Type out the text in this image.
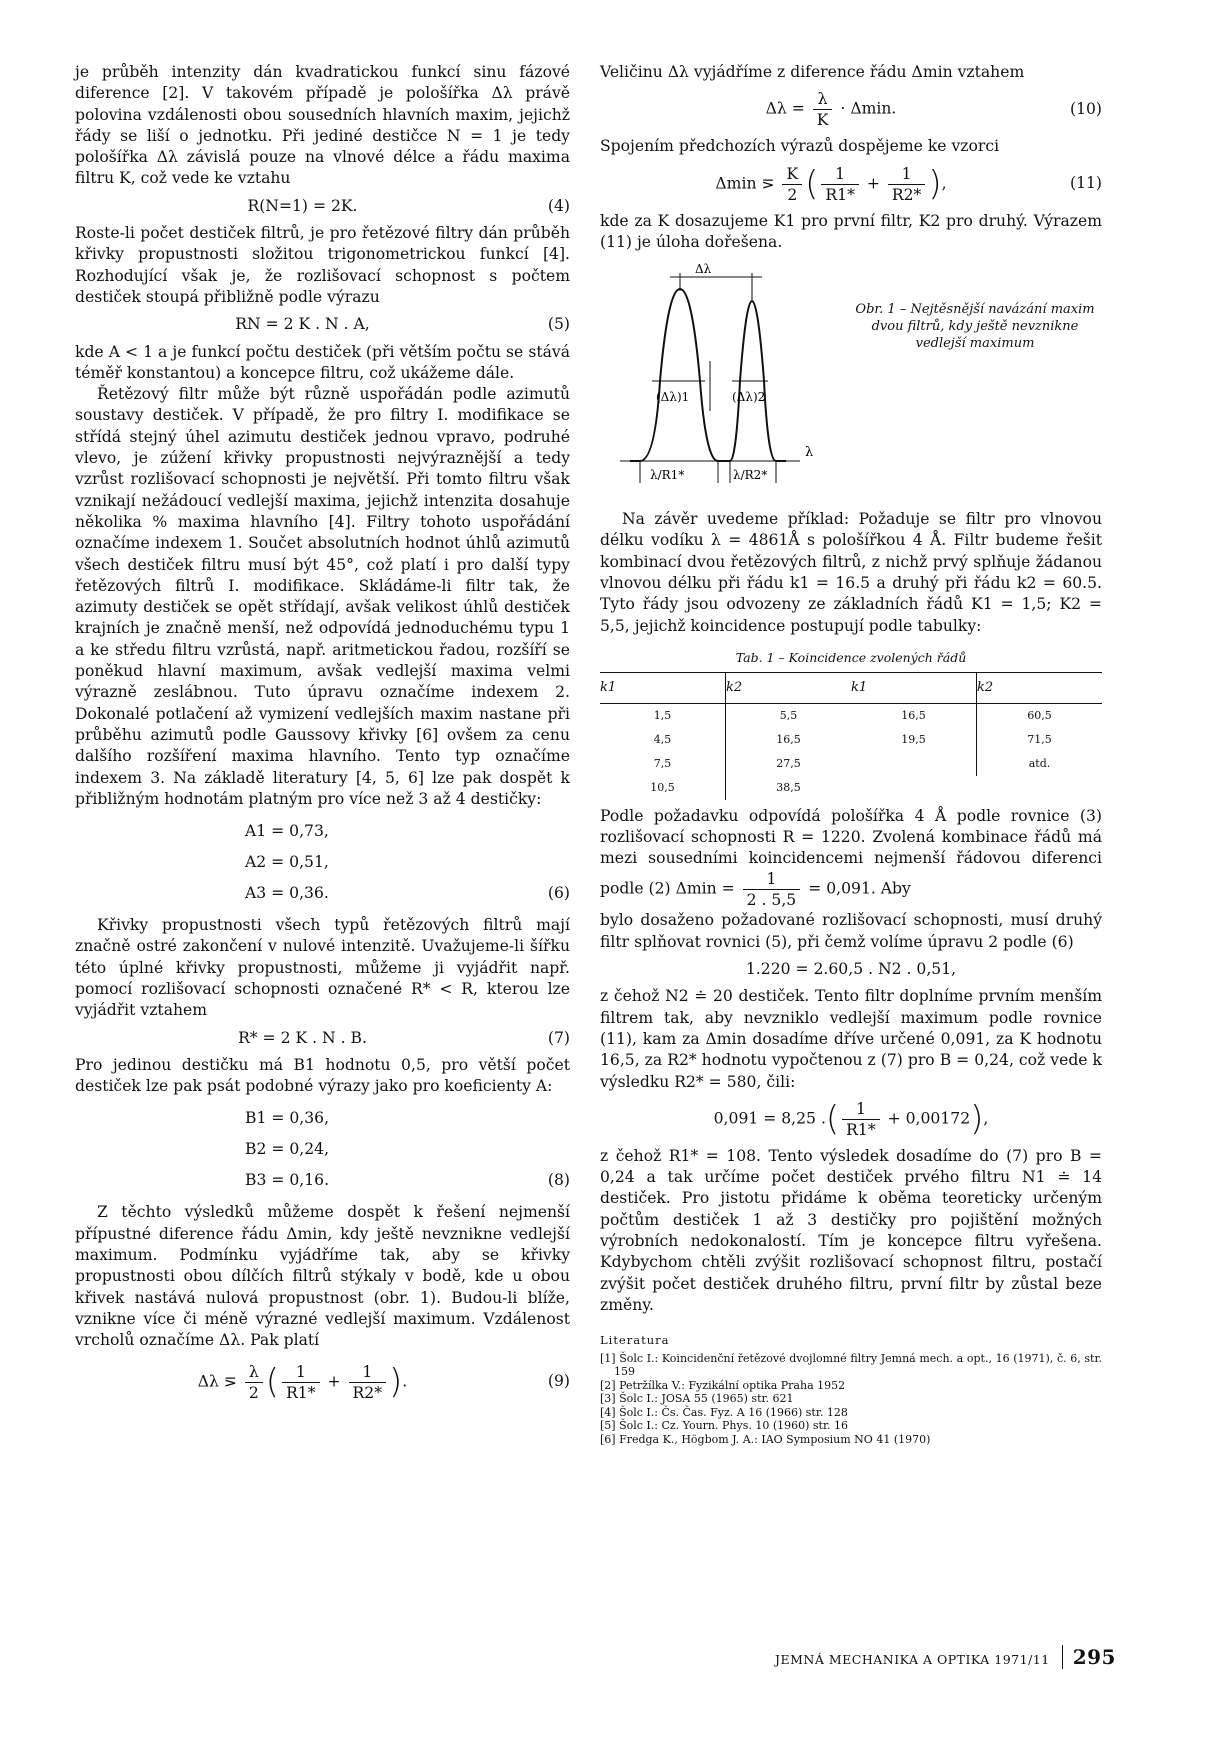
je průběh intenzity dán kvadratickou funkcí sinu fázové diference [2]. V takovém případě je pološířka Δλ právě polovina vzdálenosti obou sousedních hlavních maxim, jejichž řády se liší o jednotku. Při jediné destičce N = 1 je tedy pološířka Δλ závislá pouze na vlnové délce a řádu maxima filtru K, což vede ke vztahu

R(N=1) = 2K.	(4)

Roste-li počet destiček filtrů, je pro řetězové filtry dán průběh křivky propustnosti složitou trigonometrickou funkcí [4]. Rozhodující však je, že rozlišovací schopnost s počtem destiček stoupá přibližně podle výrazu

RN = 2 K . N . A,	(5)

kde A < 1 a je funkcí počtu destiček (při větším počtu se stává téměř konstantou) a koncepce filtru, což ukážeme dále.

Řetězový filtr může být různě uspořádán podle azimutů soustavy destiček. V případě, že pro filtry I. modifikace se střídá stejný úhel azimutu destiček jednou vpravo, podruhé vlevo, je zúžení křivky propustnosti nejvýraznější a tedy vzrůst rozlišovací schopnosti je největší. Při tomto filtru však vznikají nežádoucí vedlejší maxima, jejichž intenzita dosahuje několika % maxima hlavního [4]. Filtry tohoto uspořádání označíme indexem 1. Součet absolutních hodnot úhlů azimutů všech destiček filtru musí být 45°, což platí i pro další typy řetězových filtrů I. modifikace. Skládáme-li filtr tak, že azimuty destiček se opět střídají, avšak velikost úhlů destiček krajních je značně menší, než odpovídá jednoduchému typu 1 a ke středu filtru vzrůstá, např. aritmetickou řadou, rozšíří se poněkud hlavní maximum, avšak vedlejší maxima velmi výrazně zeslábnou. Tuto úpravu označíme indexem 2. Dokonalé potlačení až vymizení vedlejších maxim nastane při průběhu azimutů podle Gaussovy křivky [6] ovšem za cenu dalšího rozšíření maxima hlavního. Tento typ označíme indexem 3. Na základě literatury [4, 5, 6] lze pak dospět k přibližným hodnotám platným pro více než 3 až 4 destičky:

A1 = 0,73,
A2 = 0,51,
A3 = 0,36.	(6)

Křivky propustnosti všech typů řetězových filtrů mají značně ostré zakončení v nulové intenzitě. Uvažujeme-li šířku této úplné křivky propustnosti, můžeme ji vyjádřit např. pomocí rozlišovací schopnosti označené R* < R, kterou lze vyjádřit vztahem

R* = 2 K . N . B.	(7)

Pro jedinou destičku má B1 hodnotu 0,5, pro větší počet destiček lze pak psát podobné výrazy jako pro koeficienty A:

B1 = 0,36,
B2 = 0,24,
B3 = 0,16.	(8)

Z těchto výsledků můžeme dospět k řešení nejmenší přípustné diference řádu Δmin, kdy ještě nevznikne vedlejší maximum. Podmínku vyjádříme tak, aby se křivky propustnosti obou dílčích filtrů stýkaly v bodě, kde u obou křivek nastává nulová propustnost (obr. 1). Budou-li blíže, vznikne více či méně výrazné vedlejší maximum. Vzdálenost vrcholů označíme Δλ. Pak platí

Δλ ⋝ $\frac{\lambda}{2}$ ( $\frac{1}{R1*} + \frac{1}{R2*}$ ).	(9)

Veličinu Δλ vyjádříme z diference řádu Δmin vztahem

$\Delta\lambda = \frac{\lambda}{K} \cdot \Delta\min$.	(10)

Spojením předchozích výrazů dospějeme ke vzorci

Δmin ⋝ $\frac{K}{2}$ ( $\frac{1}{R1*} + \frac{1}{R2*}$ ),	(11)

kde za K dosazujeme K1 pro první filtr, K2 pro druhý. Výrazem (11) je úloha dořešena.

Δλ
(Δλ)1	(Δλ)2
λ
λ/R1*	λ/R2*
Obr. 1 – Nejtěsnější navázání maxim dvou filtrů, kdy ještě nevznikne vedlejší maximum

Na závěr uvedeme příklad: Požaduje se filtr pro vlnovou délku vodíku λ = 4861Å s pološířkou 4 Å. Filtr budeme řešit kombinací dvou řetězových filtrů, z nichž prvý splňuje žádanou vlnovou délku při řádu k1 = 16.5 a druhý při řádu k2 = 60.5. Tyto řády jsou odvozeny ze základních řádů K1 = 1,5; K2 = 5,5, jejichž koincidence postupují podle tabulky:

Tab. 1 – Koincidence zvolených řádů
k1	k2	k1	k2
1,5	5,5	16,5	60,5
4,5	16,5	19,5	71,5
7,5	27,5		atd.
10,5	38,5		

Podle požadavku odpovídá pološířka 4 Å podle rovnice (3) rozlišovací schopnosti R = 1220. Zvolená kombinace řádů má mezi sousedními koincidencemi nejmenší řádovou diferenci podle (2) $\Delta\min = \frac{1}{2 . 5,5} = 0,091$. Aby

bylo dosaženo požadované rozlišovací schopnosti, musí druhý filtr splňovat rovnici (5), při čemž volíme úpravu 2 podle (6)

1.220 = 2.60,5 . N2 . 0,51,

z čehož N2 ≐ 20 destiček. Tento filtr doplníme prvním menším filtrem tak, aby nevzniklo vedlejší maximum podle rovnice (11), kam za Δmin dosadíme dříve určené 0,091, za K hodnotu 16,5, za R2* hodnotu vypočtenou z (7) pro B = 0,24, což vede k výsledku R2* = 580, čili:

0,091 = 8,25 .( $\frac{1}{R1*} + 0,00172$),

z čehož R1* = 108. Tento výsledek dosadíme do (7) pro B = 0,24 a tak určíme počet destiček prvého filtru N1 ≐ 14 destiček. Pro jistotu přidáme k oběma teoreticky určeným počtům destiček 1 až 3 destičky pro pojištění možných výrobních nedokonalostí. Tím je koncepce filtru vyřešena. Kdybychom chtěli zvýšit rozlišovací schopnost filtru, postačí zvýšit počet destiček druhého filtru, první filtr by zůstal beze změny.

Literatura
[1] Šolc I.: Koincidenční řetězové dvojlomné filtry Jemná mech. a opt., 16 (1971), č. 6, str. 159
[2] Petržílka V.: Fyzikální optika Praha 1952
[3] Šolc I.: JOSA 55 (1965) str. 621
[4] Šolc I.: Čs. Čas. Fyz. A 16 (1966) str. 128
[5] Šolc I.: Cz. Yourn. Phys. 10 (1960) str. 16
[6] Fredga K., Högbom J. A.: IAO Symposium NO 41 (1970)
JEMNÁ MECHANIKA A OPTIKA 1971/11 295
